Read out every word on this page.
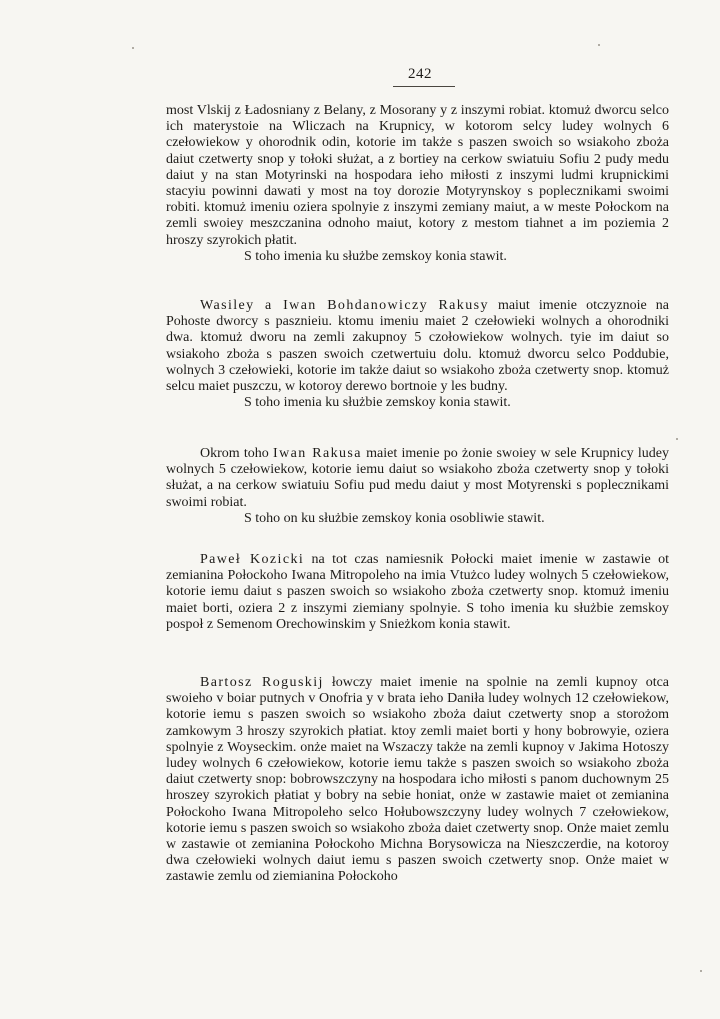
242

most Vlskij z Ładosniany z Belany, z Mosorany y z inszymi robiat. ktomuż dworcu selco ich materystoie na Wliczach na Krupnicy, w kotorom selcy ludey wolnych 6 czełowiekow y ohorodnik odin, kotorie im także s paszen swoich so wsiakoho zboża daiut czetwerty snop y tołoki służat, a z bortiey na cerkow swiatuiu Sofiu 2 pudy medu daiut y na stan Motyrinski na hospodara ieho miłosti z inszymi ludmi krupnickimi stacyiu powinni dawati y most na toy dorozie Motyrynskoy s poplecznikami swoimi robiti. ktomuż imeniu oziera spolnyie z inszymi zemiany maiut, a w meste Połockom na zemli swoiey meszczanina odnoho maiut, kotory z mestom tiahnet a im poziemia 2 hroszy szyrokich płatit.

S toho imenia ku służbe zemskoy konia stawit.

Wasiley a Iwan Bohdanowiczy Rakusy maiut imenie otczyznoie na Pohoste dworcy s pasznieiu. ktomu imeniu maiet 2 czełowieki wolnych a ohorodniki dwa. ktomuż dworu na zemli zakupnoy 5 czołowiekow wolnych. tyie im daiut so wsiakoho zboża s paszen swoich czetwertuiu dolu. ktomuż dworcu selco Poddubie, wolnych 3 czełowieki, kotorie im także daiut so wsiakoho zboża czetwerty snop. ktomuż selcu maiet puszczu, w kotoroy derewo bortnoie y les budny.

S toho imenia ku służbie zemskoy konia stawit.

Okrom toho Iwan Rakusa maiet imenie po żonie swoiey w sele Krupnicy ludey wolnych 5 czełowiekow, kotorie iemu daiut so wsiakoho zboża czetwerty snop y tołoki służat, a na cerkow swiatuiu Sofiu pud medu daiut y most Motyrenski s poplecznikami swoimi robiat.

S toho on ku służbie zemskoy konia osobliwie stawit.

Paweł Kozicki na tot czas namiesnik Połocki maiet imenie w zastawie ot zemianina Połockoho Iwana Mitropoleho na imia Vtużco ludey wolnych 5 czełowiekow, kotorie iemu daiut s paszen swoich so wsiakoho zboża czetwerty snop. ktomuż imeniu maiet borti, oziera 2 z inszymi ziemiany spolnyie. S toho imenia ku służbie zemskoy pospoł z Semenom Orechowinskim y Snieżkom konia stawit.

Bartosz Roguskij łowczy maiet imenie na spolnie na zemli kupnoy otca swoieho v boiar putnych v Onofria y v brata ieho Daniła ludey wolnych 12 czełowiekow, kotorie iemu s paszen swoich so wsiakoho zboża daiut czetwerty snop a storożom zamkowym 3 hroszy szyrokich płatiat. ktoy zemli maiet borti y hony bobrowyie, oziera spolnyie z Woyseckim. onże maiet na Wszaczy także na zemli kupnoy v Jakima Hotoszy ludey wolnych 6 czełowiekow, kotorie iemu także s paszen swoich so wsiakoho zboża daiut czetwerty snop: bobrowszczyny na hospodara icho miłosti s panom duchownym 25 hroszey szyrokich płatiat y bobry na sebie honiat, onże w zastawie maiet ot zemianina Połockoho Iwana Mitropoleho selco Hołubowszczyny ludey wolnych 7 czełowiekow, kotorie iemu s paszen swoich so wsiakoho zboża daiet czetwerty snop. Onże maiet zemlu w zastawie ot zemianina Połockoho Michna Borysowicza na Nieszczerdie, na kotoroy dwa czełowieki wolnych daiut iemu s paszen swoich czetwerty snop. Onże maiet w zastawie zemlu od ziemianina Połockoho
